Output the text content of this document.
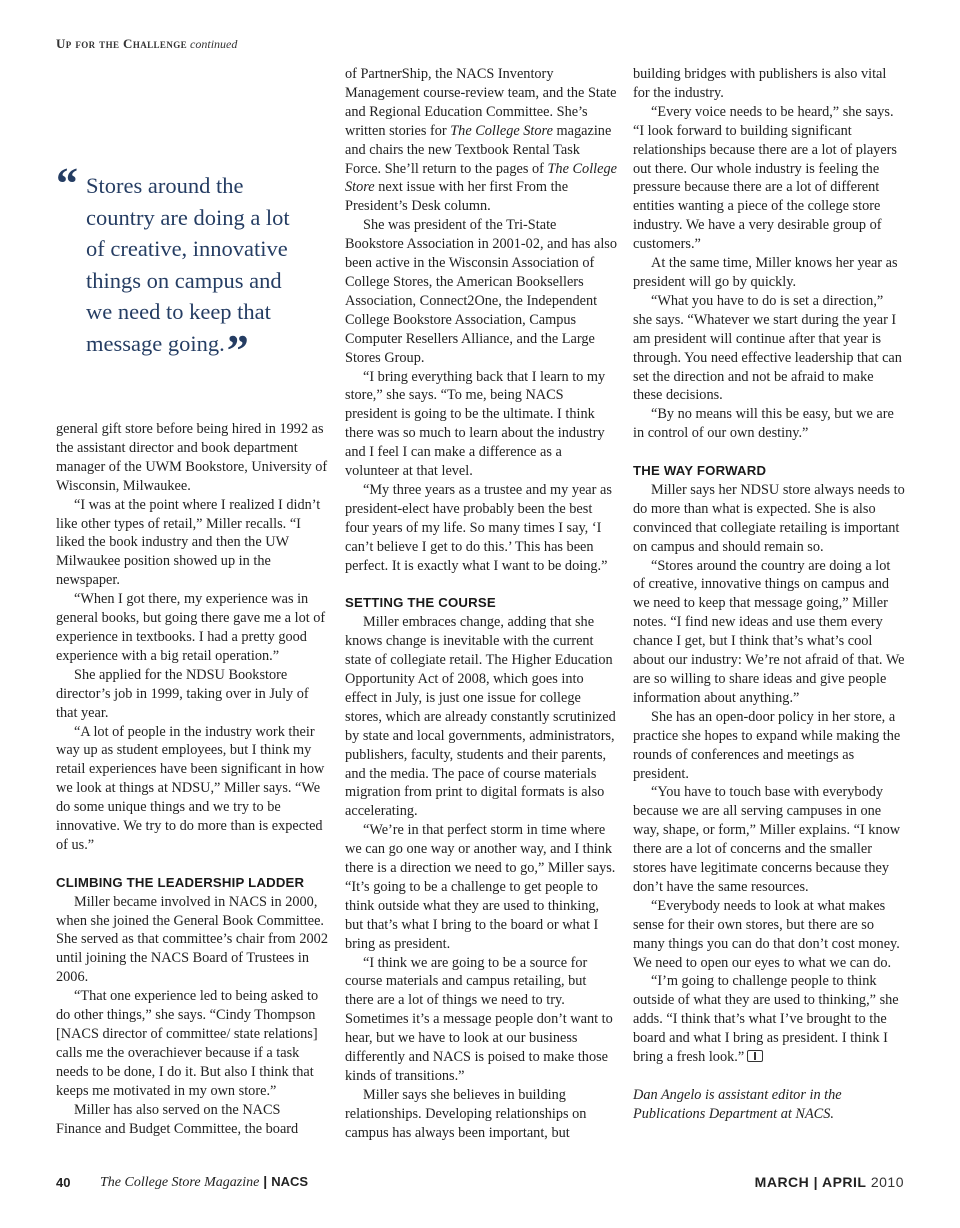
Up for the Challenge continued
“ Stores around the country are doing a lot of creative, innovative things on campus and we need to keep that message going.”

general gift store before being hired in 1992 as the assistant director and book department manager of the UWM Bookstore, University of Wisconsin, Milwaukee.

“I was at the point where I realized I didn’t like other types of retail,” Miller recalls. “I liked the book industry and then the UW Milwaukee position showed up in the newspaper.

“When I got there, my experience was in general books, but going there gave me a lot of experience in textbooks. I had a pretty good experience with a big retail operation.”

She applied for the NDSU Bookstore director’s job in 1999, taking over in July of that year.

“A lot of people in the industry work their way up as student employees, but I think my retail experiences have been significant in how we look at things at NDSU,” Miller says. “We do some unique things and we try to be innovative. We try to do more than is expected of us.”

CLIMBING THE LEADERSHIP LADDER

Miller became involved in NACS in 2000, when she joined the General Book Committee. She served as that committee’s chair from 2002 until joining the NACS Board of Trustees in 2006.

“That one experience led to being asked to do other things,” she says. “Cindy Thompson [NACS director of committee/ state relations] calls me the overachiever because if a task needs to be done, I do it. But also I think that keeps me motivated in my own store.”

Miller has also served on the NACS Finance and Budget Committee, the board

of PartnerShip, the NACS Inventory Management course-review team, and the State and Regional Education Committee. She’s written stories for The College Store magazine and chairs the new Textbook Rental Task Force. She’ll return to the pages of The College Store next issue with her first From the President’s Desk column.

She was president of the Tri-State Bookstore Association in 2001-02, and has also been active in the Wisconsin Association of College Stores, the American Booksellers Association, Connect2One, the Independent College Bookstore Association, Campus Computer Resellers Alliance, and the Large Stores Group.

“I bring everything back that I learn to my store,” she says. “To me, being NACS president is going to be the ultimate. I think there was so much to learn about the industry and I feel I can make a difference as a volunteer at that level.

“My three years as a trustee and my year as president-elect have probably been the best four years of my life. So many times I say, ‘I can’t believe I get to do this.’ This has been perfect. It is exactly what I want to be doing.”

SETTING THE COURSE

Miller embraces change, adding that she knows change is inevitable with the current state of collegiate retail. The Higher Education Opportunity Act of 2008, which goes into effect in July, is just one issue for college stores, which are already constantly scrutinized by state and local governments, administrators, publishers, faculty, students and their parents, and the media. The pace of course materials migration from print to digital formats is also accelerating.

“We’re in that perfect storm in time where we can go one way or another way, and I think there is a direction we need to go,” Miller says. “It’s going to be a challenge to get people to think outside what they are used to thinking, but that’s what I bring to the board or what I bring as president.

“I think we are going to be a source for course materials and campus retailing, but there are a lot of things we need to try. Sometimes it’s a message people don’t want to hear, but we have to look at our business differently and NACS is poised to make those kinds of transitions.”

Miller says she believes in building relationships. Developing relationships on campus has always been important, but

building bridges with publishers is also vital for the industry.

“Every voice needs to be heard,” she says. “I look forward to building significant relationships because there are a lot of players out there. Our whole industry is feeling the pressure because there are a lot of different entities wanting a piece of the college store industry. We have a very desirable group of customers.”

At the same time, Miller knows her year as president will go by quickly.

“What you have to do is set a direction,” she says. “Whatever we start during the year I am president will continue after that year is through. You need effective leadership that can set the direction and not be afraid to make these decisions.

“By no means will this be easy, but we are in control of our own destiny.”

THE WAY FORWARD

Miller says her NDSU store always needs to do more than what is expected. She is also convinced that collegiate retailing is important on campus and should remain so.

“Stores around the country are doing a lot of creative, innovative things on campus and we need to keep that message going,” Miller notes. “I find new ideas and use them every chance I get, but I think that’s what’s cool about our industry: We’re not afraid of that. We are so willing to share ideas and give people information about anything.”

She has an open-door policy in her store, a practice she hopes to expand while making the rounds of conferences and meetings as president.

“You have to touch base with everybody because we are all serving campuses in one way, shape, or form,” Miller explains. “I know there are a lot of concerns and the smaller stores have legitimate concerns because they don’t have the same resources.

“Everybody needs to look at what makes sense for their own stores, but there are so many things you can do that don’t cost money. We need to open our eyes to what we can do.

“I’m going to challenge people to think outside of what they are used to thinking,” she adds. “I think that’s what I’ve brought to the board and what I bring as president. I think I bring a fresh look.”

Dan Angelo is assistant editor in the Publications Department at NACS.

40 The College Store Magazine | NACS	MARCH | APRIL 2010
